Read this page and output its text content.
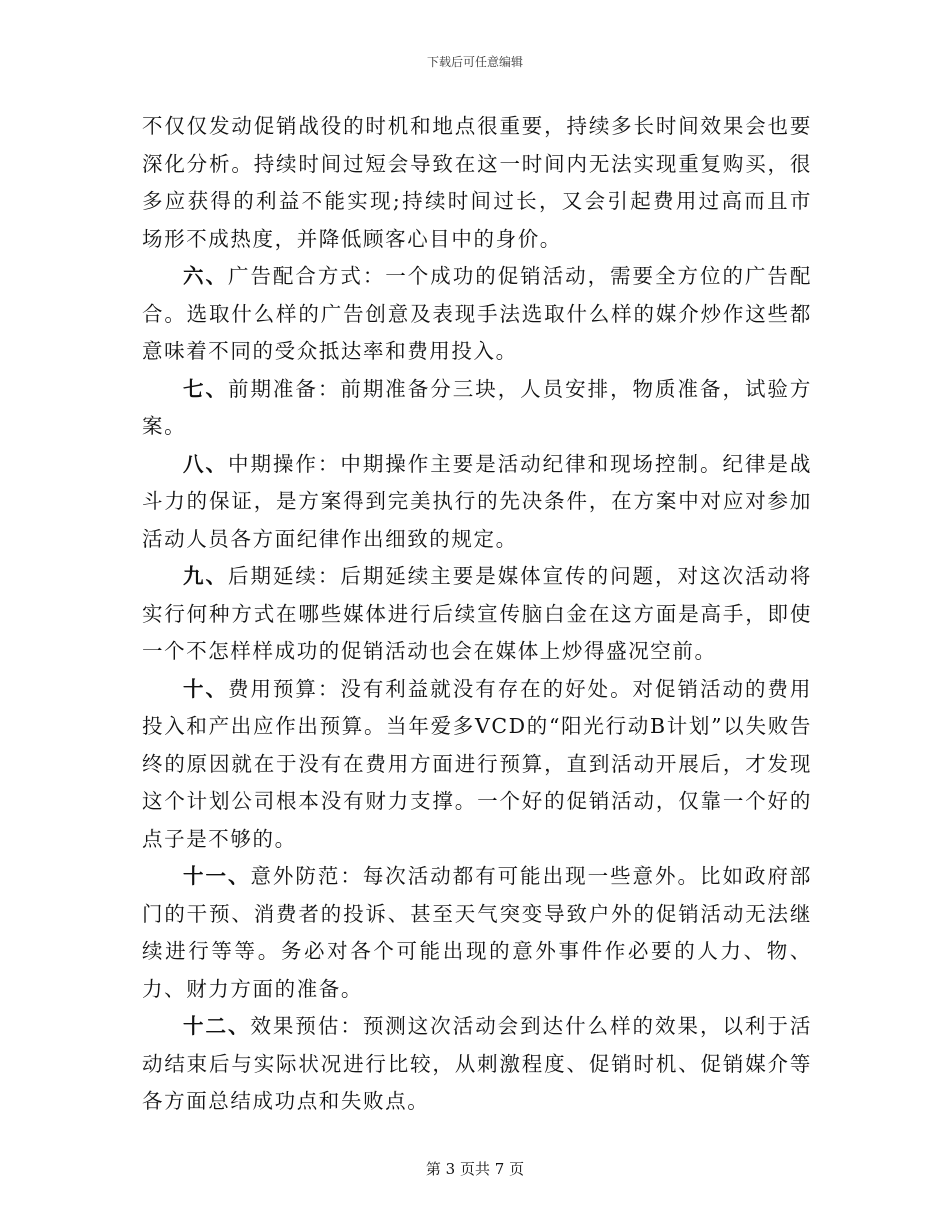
下载后可任意编辑

不仅仅发动促销战役的时机和地点很重要，持续多长时间效果会也要深化分析。持续时间过短会导致在这一时间内无法实现重复购买，很多应获得的利益不能实现;持续时间过长，又会引起费用过高而且市场形不成热度，并降低顾客心目中的身价。

六、广告配合方式：一个成功的促销活动，需要全方位的广告配合。选取什么样的广告创意及表现手法选取什么样的媒介炒作这些都意味着不同的受众抵达率和费用投入。

七、前期准备：前期准备分三块，人员安排，物质准备，试验方案。

八、中期操作：中期操作主要是活动纪律和现场控制。纪律是战斗力的保证，是方案得到完美执行的先决条件，在方案中对应对参加活动人员各方面纪律作出细致的规定。

九、后期延续：后期延续主要是媒体宣传的问题，对这次活动将实行何种方式在哪些媒体进行后续宣传脑白金在这方面是高手，即使一个不怎样样成功的促销活动也会在媒体上炒得盛况空前。

十、费用预算：没有利益就没有存在的好处。对促销活动的费用投入和产出应作出预算。当年爱多VCD的“阳光行动B计划”以失败告终的原因就在于没有在费用方面进行预算，直到活动开展后，才发现这个计划公司根本没有财力支撑。一个好的促销活动，仅靠一个好的点子是不够的。

十一、意外防范：每次活动都有可能出现一些意外。比如政府部门的干预、消费者的投诉、甚至天气突变导致户外的促销活动无法继续进行等等。务必对各个可能出现的意外事件作必要的人力、物、力、财力方面的准备。

十二、效果预估：预测这次活动会到达什么样的效果，以利于活动结束后与实际状况进行比较，从刺激程度、促销时机、促销媒介等各方面总结成功点和失败点。

第 3 页共 7 页
